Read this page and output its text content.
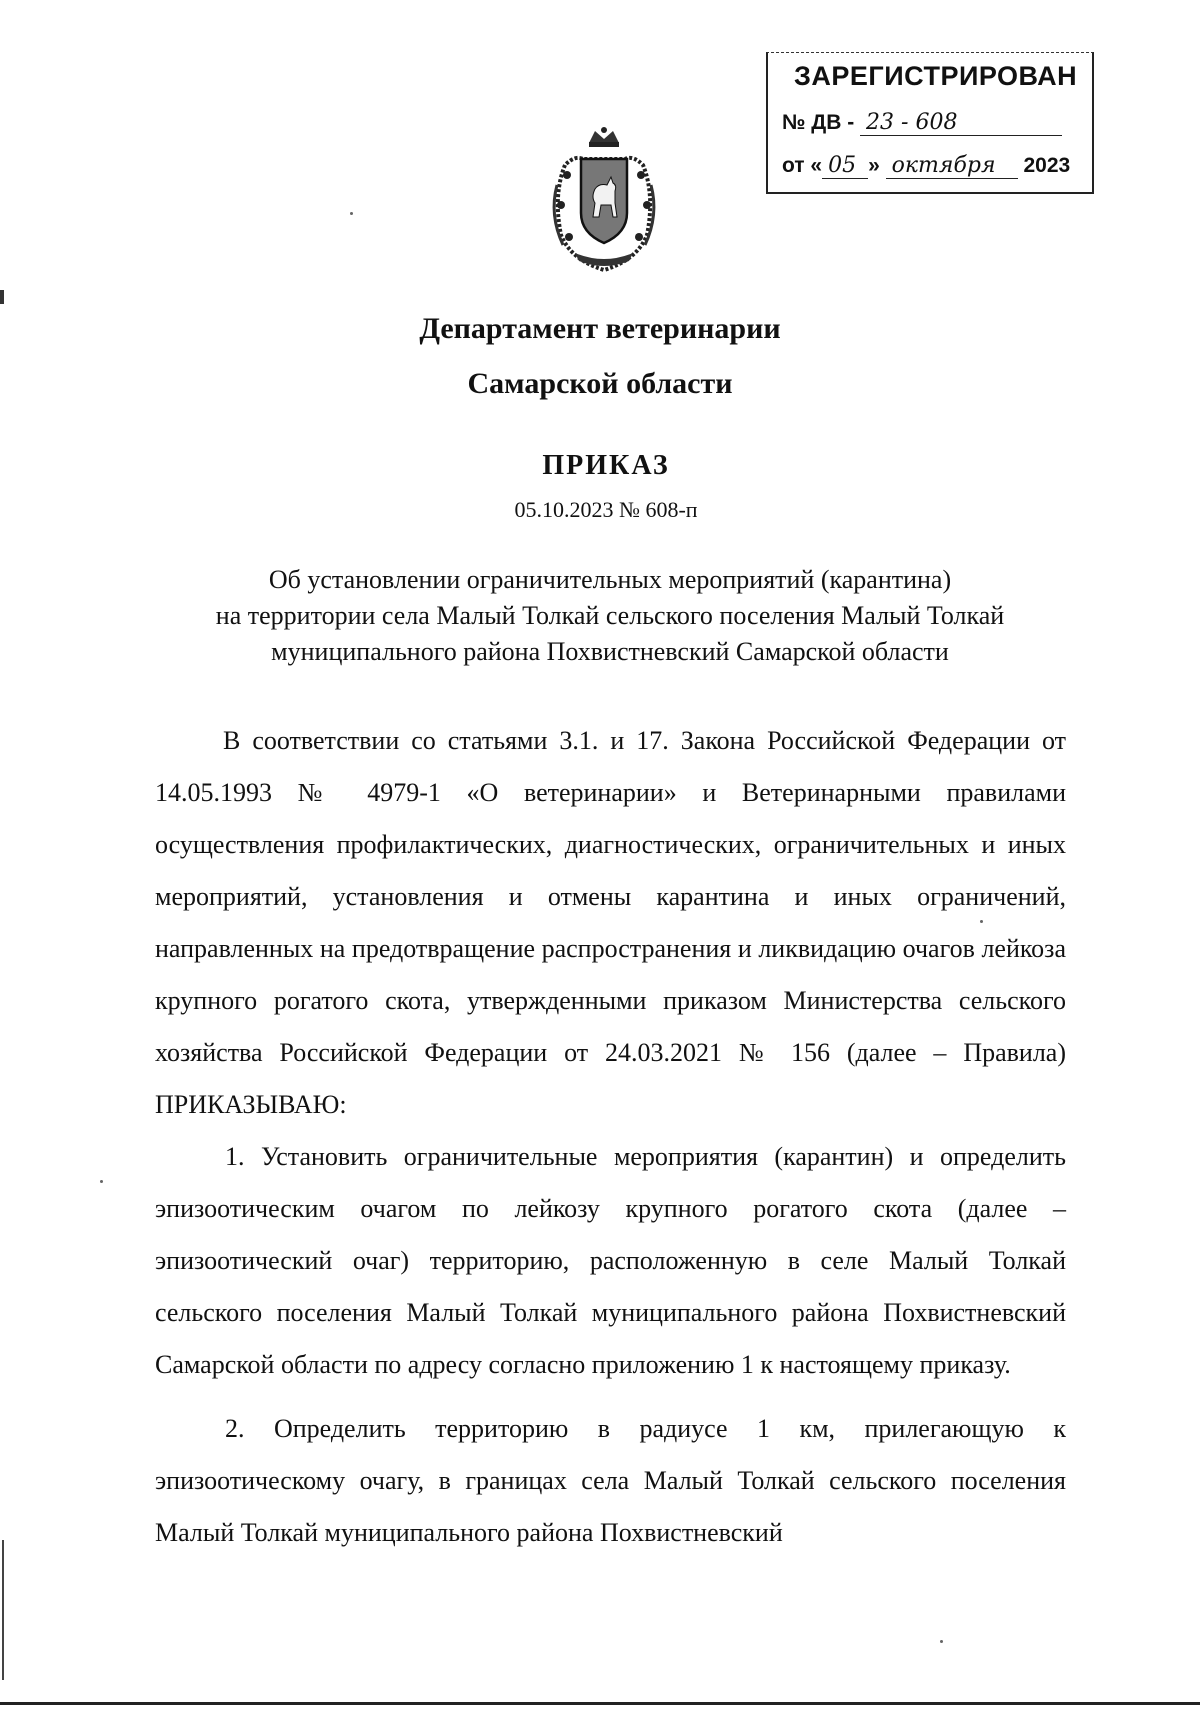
ЗАРЕГИСТРИРОВАН
№ ДВ - 23 - 608
от « 05 » октября 2023
Департамент ветеринарии
Самарской области
ПРИКАЗ
05.10.2023 № 608-п
Об установлении ограничительных мероприятий (карантина)
на территории села Малый Толкай сельского поселения Малый Толкай
муниципального района Похвистневский Самарской области

В соответствии со статьями 3.1. и 17. Закона Российской Федерации от 14.05.1993 № 4979-1 «О ветеринарии» и Ветеринарными правилами осуществления профилактических, диагностических, ограничительных и иных мероприятий, установления и отмены карантина и иных ограничений, направленных на предотвращение распространения и ликвидацию очагов лейкоза крупного рогатого скота, утвержденными приказом Министерства сельского хозяйства Российской Федерации от 24.03.2021 № 156 (далее – Правила) ПРИКАЗЫВАЮ:

1. Установить ограничительные мероприятия (карантин) и определить эпизоотическим очагом по лейкозу крупного рогатого скота (далее – эпизоотический очаг) территорию, расположенную в селе Малый Толкай сельского поселения Малый Толкай муниципального района Похвистневский Самарской области по адресу согласно приложению 1 к настоящему приказу.

2. Определить территорию в радиусе 1 км, прилегающую к эпизоотическому очагу, в границах села Малый Толкай сельского поселения Малый Толкай муниципального района Похвистневский
